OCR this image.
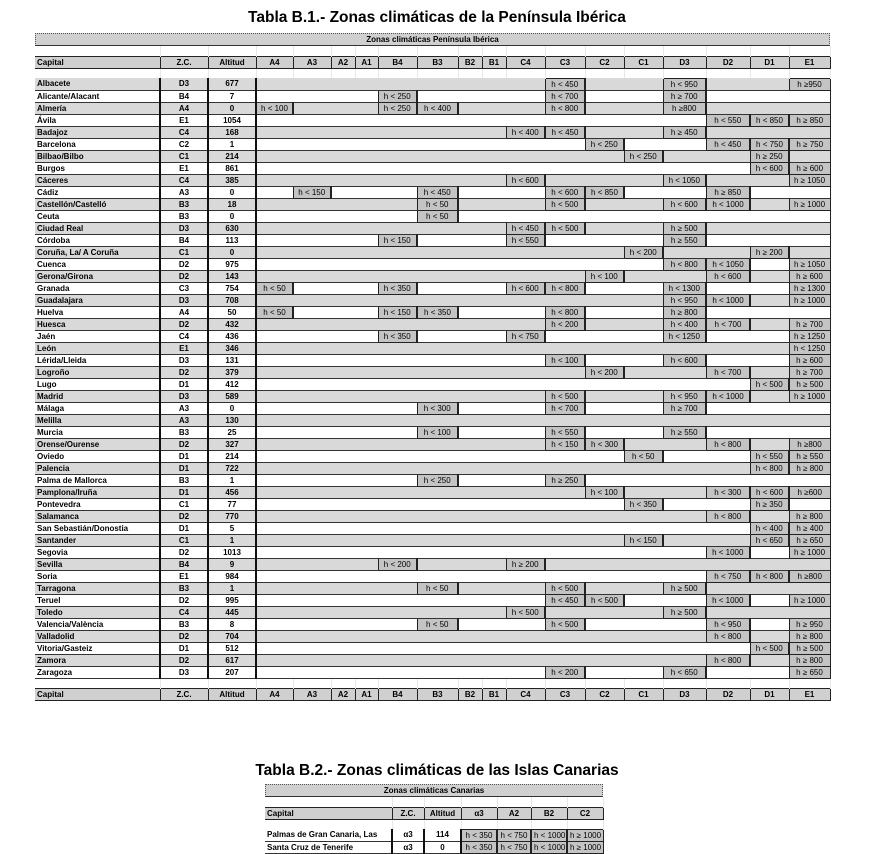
Tabla B.1.- Zonas climáticas de la Península Ibérica
Zonas climáticas Península Ibérica

Capital	Z.C.	Altitud	A4	A3	A2	A1	B4	B3	B2	B1	C4	C3	C2	C1	D3	D2	D1	E1

Albacete	D3	677										h < 450			h < 950			h ≥950
Alicante/Alacant	B4	7					h < 250					h < 700			h ≥ 700			
Almería	A4	0	h < 100				h < 250	h < 400				h < 800			h ≥800			
Ávila	E1	1054														h < 550	h < 850	h ≥ 850
Badajoz	C4	168									h < 400	h < 450			h ≥ 450			
Barcelona	C2	1											h < 250			h < 450	h < 750	h ≥ 750
Bilbao/Bilbo	C1	214												h < 250			h ≥ 250	
Burgos	E1	861															h < 600	h ≥ 600
Cáceres	C4	385									h < 600				h < 1050			h ≥ 1050
Cádiz	A3	0		h < 150				h < 450				h < 600	h < 850			h ≥ 850		
Castellón/Castelló	B3	18						h < 50				h < 500			h < 600	h < 1000		h ≥ 1000
Ceuta	B3	0						h < 50										
Ciudad Real	D3	630									h < 450	h < 500			h ≥ 500			
Córdoba	B4	113					h < 150				h < 550				h ≥ 550			
Coruña, La/ A Coruña	C1	0												h < 200			h ≥ 200	
Cuenca	D2	975													h < 800	h < 1050		h ≥ 1050
Gerona/Girona	D2	143											h < 100			h < 600		h ≥ 600
Granada	C3	754	h < 50				h < 350				h < 600	h < 800			h < 1300			h ≥ 1300
Guadalajara	D3	708													h < 950	h < 1000		h ≥ 1000
Huelva	A4	50	h < 50				h < 150	h < 350				h < 800			h ≥ 800			
Huesca	D2	432										h < 200			h < 400	h < 700		h ≥ 700
Jaén	C4	436					h < 350				h < 750				h < 1250			h ≥ 1250
León	E1	346																h < 1250
Lérida/Lleida	D3	131										h < 100			h < 600			h ≥ 600
Logroño	D2	379											h < 200			h < 700		h ≥ 700
Lugo	D1	412															h < 500	h ≥ 500
Madrid	D3	589										h < 500			h < 950	h < 1000		h ≥ 1000
Málaga	A3	0						h < 300				h < 700			h ≥ 700			
Melilla	A3	130																
Murcia	B3	25						h < 100				h < 550			h ≥ 550			
Orense/Ourense	D2	327										h < 150	h < 300			h < 800		h ≥800
Oviedo	D1	214												h < 50			h < 550	h ≥ 550
Palencia	D1	722															h < 800	h ≥ 800
Palma de Mallorca	B3	1						h < 250				h ≥ 250						
Pamplona/Iruña	D1	456											h < 100			h < 300	h < 600	h ≥600
Pontevedra	C1	77												h < 350			h ≥ 350	
Salamanca	D2	770														h < 800		h ≥ 800
San Sebastián/Donostia	D1	5															h < 400	h ≥ 400
Santander	C1	1												h < 150			h < 650	h ≥ 650
Segovia	D2	1013														h < 1000		h ≥ 1000
Sevilla	B4	9					h < 200				h ≥ 200							
Soria	E1	984														h < 750	h < 800	h ≥800
Tarragona	B3	1						h < 50				h < 500			h ≥ 500			
Teruel	D2	995										h < 450	h < 500			h < 1000		h ≥ 1000
Toledo	C4	445									h < 500				h ≥ 500			
Valencia/València	B3	8						h < 50				h < 500				h < 950		h ≥ 950
Valladolid	D2	704														h < 800		h ≥ 800
Vitoria/Gasteiz	D1	512															h < 500	h ≥ 500
Zamora	D2	617														h < 800		h ≥ 800
Zaragoza	D3	207										h < 200			h < 650			h ≥ 650

Capital	Z.C.	Altitud	A4	A3	A2	A1	B4	B3	B2	B1	C4	C3	C2	C1	D3	D2	D1	E1
Tabla B.2.- Zonas climáticas de las Islas Canarias
Zonas climáticas Canarias

Capital	Z.C.	Altitud	α3	A2	B2	C2

Palmas de Gran Canaria, Las	α3	114	h < 350	h < 750	h < 1000	h ≥ 1000
Santa Cruz de Tenerife	α3	0	h < 350	h < 750	h < 1000	h ≥ 1000
